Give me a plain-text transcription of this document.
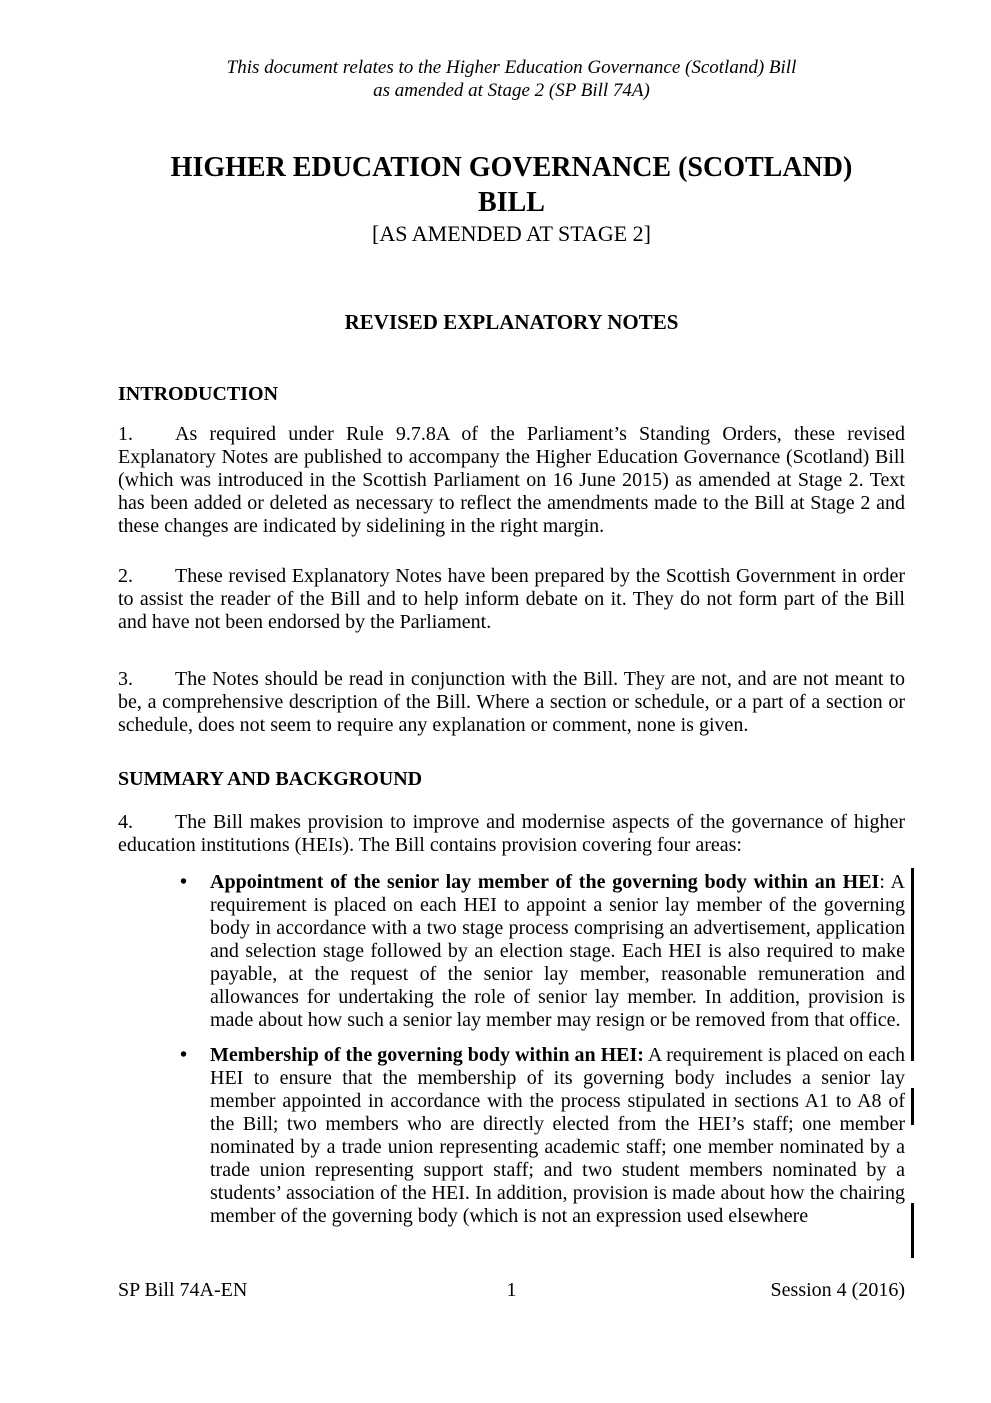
This document relates to the Higher Education Governance (Scotland) Bill
as amended at Stage 2 (SP Bill 74A)
HIGHER EDUCATION GOVERNANCE (SCOTLAND)
BILL
[AS AMENDED AT STAGE 2]
REVISED EXPLANATORY NOTES
INTRODUCTION
1. As required under Rule 9.7.8A of the Parliament’s Standing Orders, these revised Explanatory Notes are published to accompany the Higher Education Governance (Scotland) Bill (which was introduced in the Scottish Parliament on 16 June 2015) as amended at Stage 2. Text has been added or deleted as necessary to reflect the amendments made to the Bill at Stage 2 and these changes are indicated by sidelining in the right margin.
2. These revised Explanatory Notes have been prepared by the Scottish Government in order to assist the reader of the Bill and to help inform debate on it. They do not form part of the Bill and have not been endorsed by the Parliament.
3. The Notes should be read in conjunction with the Bill. They are not, and are not meant to be, a comprehensive description of the Bill. Where a section or schedule, or a part of a section or schedule, does not seem to require any explanation or comment, none is given.
SUMMARY AND BACKGROUND
4. The Bill makes provision to improve and modernise aspects of the governance of higher education institutions (HEIs). The Bill contains provision covering four areas:
• Appointment of the senior lay member of the governing body within an HEI: A requirement is placed on each HEI to appoint a senior lay member of the governing body in accordance with a two stage process comprising an advertisement, application and selection stage followed by an election stage. Each HEI is also required to make payable, at the request of the senior lay member, reasonable remuneration and allowances for undertaking the role of senior lay member. In addition, provision is made about how such a senior lay member may resign or be removed from that office.
• Membership of the governing body within an HEI: A requirement is placed on each HEI to ensure that the membership of its governing body includes a senior lay member appointed in accordance with the process stipulated in sections A1 to A8 of the Bill; two members who are directly elected from the HEI’s staff; one member nominated by a trade union representing academic staff; one member nominated by a trade union representing support staff; and two student members nominated by a students’ association of the HEI. In addition, provision is made about how the chairing member of the governing body (which is not an expression used elsewhere
SP Bill 74A-EN	1	Session 4 (2016)
